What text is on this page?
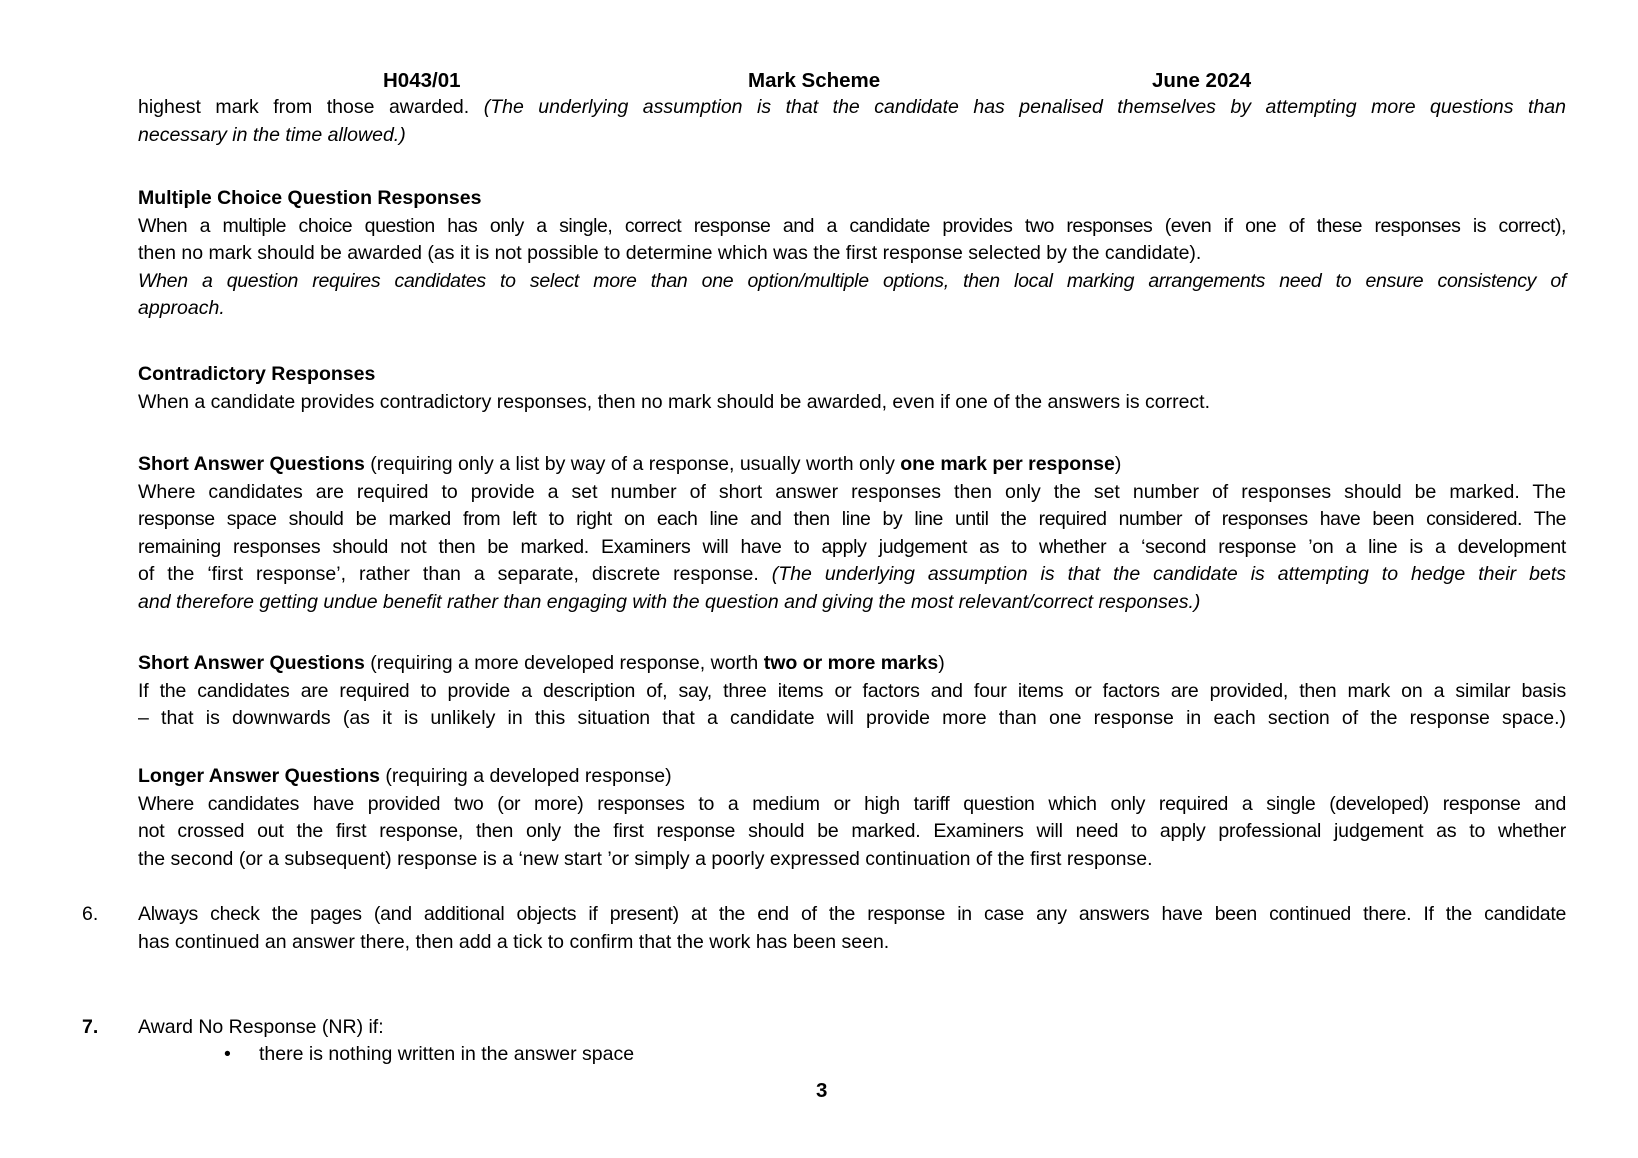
H043/01	Mark Scheme	June 2024
highest mark from those awarded. (The underlying assumption is that the candidate has penalised themselves by attempting more questions than
necessary in the time allowed.)
Multiple Choice Question Responses
When a multiple choice question has only a single, correct response and a candidate provides two responses (even if one of these responses is correct),
then no mark should be awarded (as it is not possible to determine which was the first response selected by the candidate).
When a question requires candidates to select more than one option/multiple options, then local marking arrangements need to ensure consistency of
approach.
Contradictory Responses
When a candidate provides contradictory responses, then no mark should be awarded, even if one of the answers is correct.
Short Answer Questions (requiring only a list by way of a response, usually worth only one mark per response)
Where candidates are required to provide a set number of short answer responses then only the set number of responses should be marked. The
response space should be marked from left to right on each line and then line by line until the required number of responses have been considered. The
remaining responses should not then be marked. Examiners will have to apply judgement as to whether a ‘second response ’on a line is a development
of the ‘first response’, rather than a separate, discrete response. (The underlying assumption is that the candidate is attempting to hedge their bets
and therefore getting undue benefit rather than engaging with the question and giving the most relevant/correct responses.)
Short Answer Questions (requiring a more developed response, worth two or more marks)
If the candidates are required to provide a description of, say, three items or factors and four items or factors are provided, then mark on a similar basis
– that is downwards (as it is unlikely in this situation that a candidate will provide more than one response in each section of the response space.)
Longer Answer Questions (requiring a developed response)
Where candidates have provided two (or more) responses to a medium or high tariff question which only required a single (developed) response and
not crossed out the first response, then only the first response should be marked. Examiners will need to apply professional judgement as to whether
the second (or a subsequent) response is a ‘new start ’or simply a poorly expressed continuation of the first response.
6. Always check the pages (and additional objects if present) at the end of the response in case any answers have been continued there. If the candidate
has continued an answer there, then add a tick to confirm that the work has been seen.
7. Award No Response (NR) if:
• there is nothing written in the answer space
3
